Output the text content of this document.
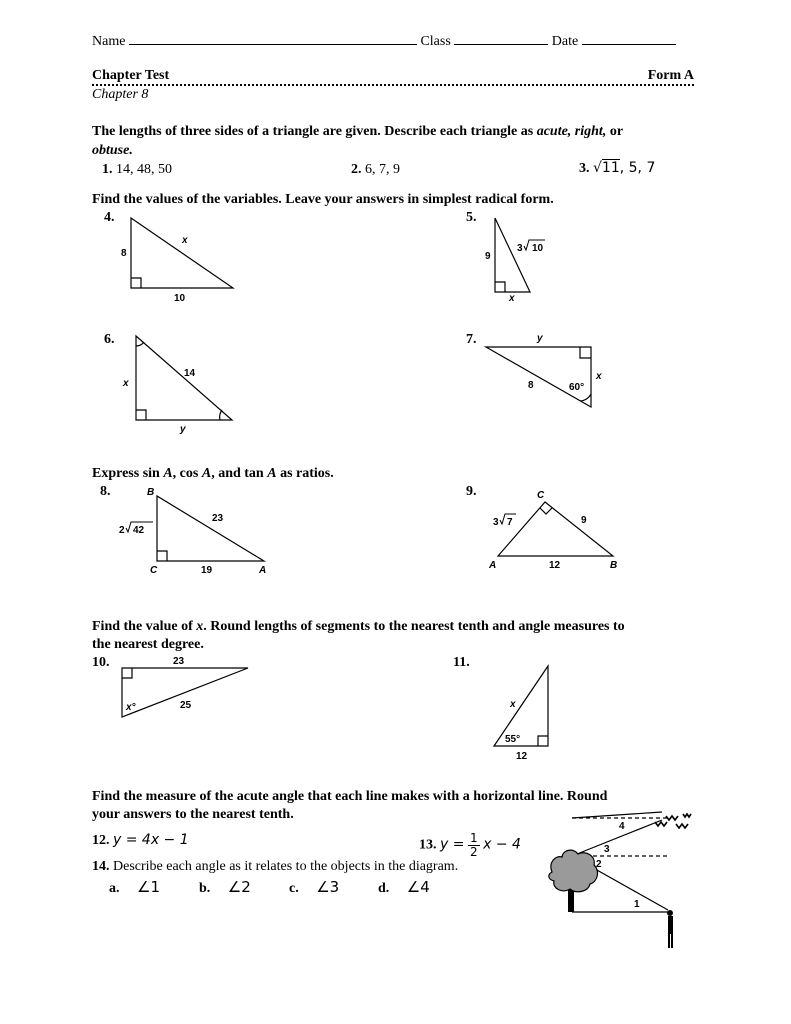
Name	Class	Date
Chapter Test	Form A
Chapter 8
The lengths of three sides of a triangle are given. Describe each triangle as acute, right, or
obtuse.
1. 14, 48, 50	2. 6, 7, 9	3. √11, 5, 7
Find the values of the variables. Leave your answers in simplest radical form.
4.	5.
6.	7.
Express sin A, cos A, and tan A as ratios.
8.	9.
Find the value of x. Round lengths of segments to the nearest tenth and angle measures to
the nearest degree.
10.	11.
Find the measure of the acute angle that each line makes with a horizontal line. Round
your answers to the nearest tenth.
12. y = 4x − 1	13. $y = \frac{1}{2}$ x − 4
14. Describe each angle as it relates to the objects in the diagram.
a. ∠1	b. ∠2	c. ∠3	d. ∠4
8
x
10
9
3 10
x
x
14
y
y
8	60°
x
B
C	A
2 42
23
19
C
A	B
3 7	9
12
23
25
x°	x
55°
12
1
2
3
4
